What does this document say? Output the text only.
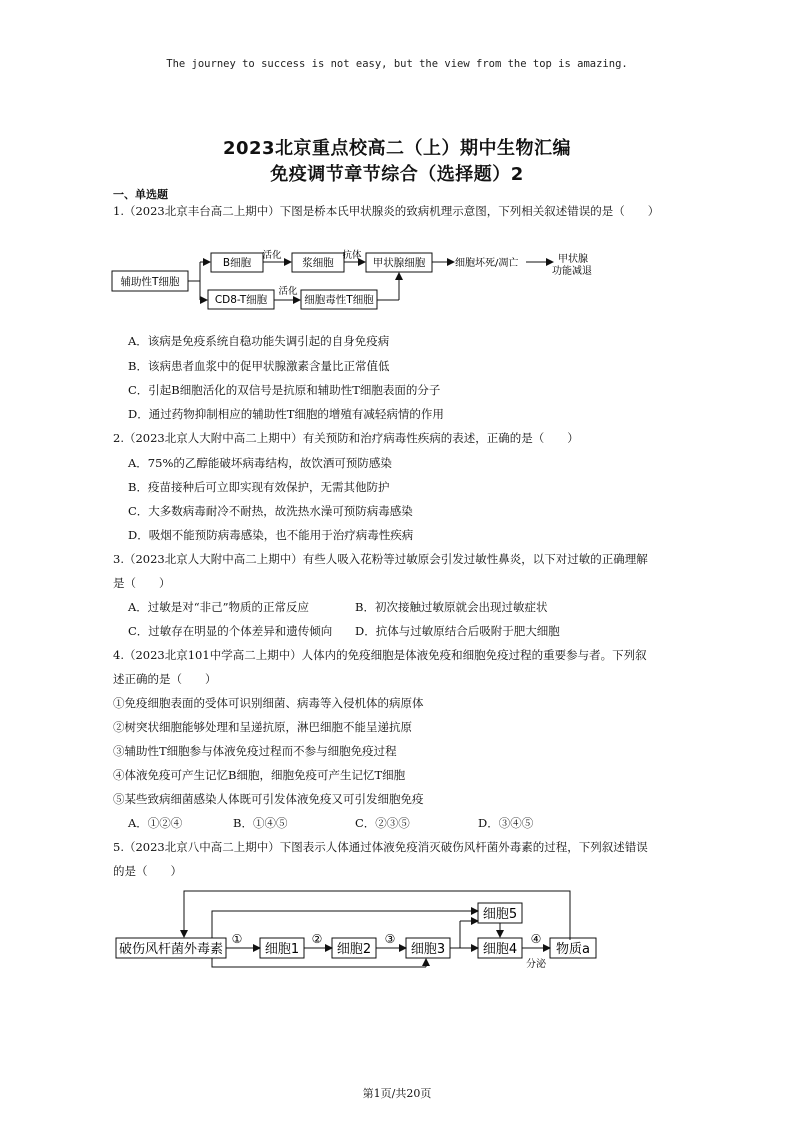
The journey to success is not easy, but the view from the top is amazing.
2023北京重点校高二（上）期中生物汇编
免疫调节章节综合（选择题）2
一、单选题
1.（2023北京丰台高二上期中）下图是桥本氏甲状腺炎的致病机理示意图，下列相关叙述错误的是（　　）
辅助性T细胞
B细胞	浆细胞	甲状腺细胞
CD8-T细胞	细胞毒性T细胞
活化	抗体
细胞坏死/凋亡	甲状腺
功能减退
活化
A．该病是免疫系统自稳功能失调引起的自身免疫病
B．该病患者血浆中的促甲状腺激素含量比正常值低
C．引起B细胞活化的双信号是抗原和辅助性T细胞表面的分子
D．通过药物抑制相应的辅助性T细胞的增殖有减轻病情的作用
2.（2023北京人大附中高二上期中）有关预防和治疗病毒性疾病的表述，正确的是（　　）
A．75%的乙醇能破坏病毒结构，故饮酒可预防感染
B．疫苗接种后可立即实现有效保护，无需其他防护
C．大多数病毒耐冷不耐热，故洗热水澡可预防病毒感染
D．吸烟不能预防病毒感染，也不能用于治疗病毒性疾病
3.（2023北京人大附中高二上期中）有些人吸入花粉等过敏原会引发过敏性鼻炎，以下对过敏的正确理解
是（　　）
A．过敏是对“非己”物质的正常反应	B．初次接触过敏原就会出现过敏症状
C．过敏存在明显的个体差异和遗传倾向 D．抗体与过敏原结合后吸附于肥大细胞
4.（2023北京101中学高二上期中）人体内的免疫细胞是体液免疫和细胞免疫过程的重要参与者。下列叙
述正确的是（　　）
①免疫细胞表面的受体可识别细菌、病毒等入侵机体的病原体
②树突状细胞能够处理和呈递抗原，淋巴细胞不能呈递抗原
③辅助性T细胞参与体液免疫过程而不参与细胞免疫过程
④体液免疫可产生记忆B细胞，细胞免疫可产生记忆T细胞
⑤某些致病细菌感染人体既可引发体液免疫又可引发细胞免疫
A．①②④	B．①④⑤	C．②③⑤	D．③④⑤
5.（2023北京八中高二上期中）下图表示人体通过体液免疫消灭破伤风杆菌外毒素的过程，下列叙述错误
的是（　　）
破伤风杆菌外毒素
①
细胞1
②
细胞2
③
细胞3
细胞5
细胞4
④
分泌
物质a
第1页/共20页
